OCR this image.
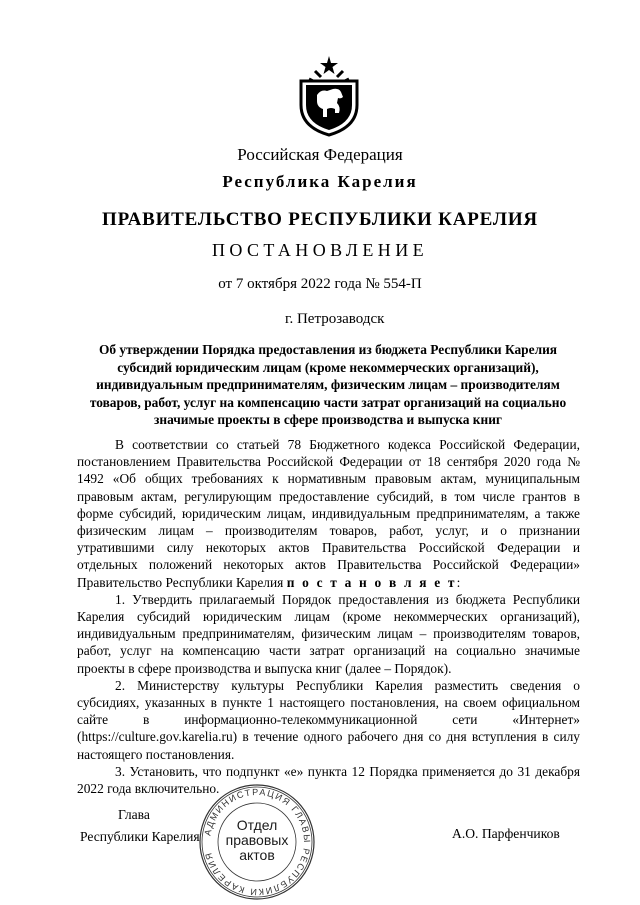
Российская Федерация
Республика Карелия
ПРАВИТЕЛЬСТВО РЕСПУБЛИКИ КАРЕЛИЯ
ПОСТАНОВЛЕНИЕ
от 7 октября 2022 года № 554-П
г. Петрозаводск
Об утверждении Порядка предоставления из бюджета Республики Карелия субсидий юридическим лицам (кроме некоммерческих организаций), индивидуальным предпринимателям, физическим лицам – производителям товаров, работ, услуг на компенсацию части затрат организаций на социально значимые проекты в сфере производства и выпуска книг

В соответствии со статьей 78 Бюджетного кодекса Российской Федерации, постановлением Правительства Российской Федерации от 18 сентября 2020 года № 1492 «Об общих требованиях к нормативным правовым актам, муниципальным правовым актам, регулирующим предоставление субсидий, в том числе грантов в форме субсидий, юридическим лицам, индивидуальным предпринимателям, а также физическим лицам – производителям товаров, работ, услуг, и о признании утратившими силу некоторых актов Правительства Российской Федерации и отдельных положений некоторых актов Правительства Российской Федерации» Правительство Республики Карелия п о с т а н о в л я е т:

1. Утвердить прилагаемый Порядок предоставления из бюджета Республики Карелия субсидий юридическим лицам (кроме некоммерческих организаций), индивидуальным предпринимателям, физическим лицам – производителям товаров, работ, услуг на компенсацию части затрат организаций на социально значимые проекты в сфере производства и выпуска книг (далее – Порядок).

2. Министерству культуры Республики Карелия разместить сведения о субсидиях, указанных в пункте 1 настоящего постановления, на своем официальном сайте в информационно-телекоммуникационной сети «Интернет» (https://culture.gov.karelia.ru) в течение одного рабочего дня со дня вступления в силу настоящего постановления.

3. Установить, что подпункт «е» пункта 12 Порядка применяется до 31 декабря 2022 года включительно.

Глава
Республики Карелия	А.О. Парфенчиков
АДМИНИСТРАЦИЯ ГЛАВЫ РЕСПУБЛИКИ КАРЕЛИЯ
Отдел
правовых
актов
